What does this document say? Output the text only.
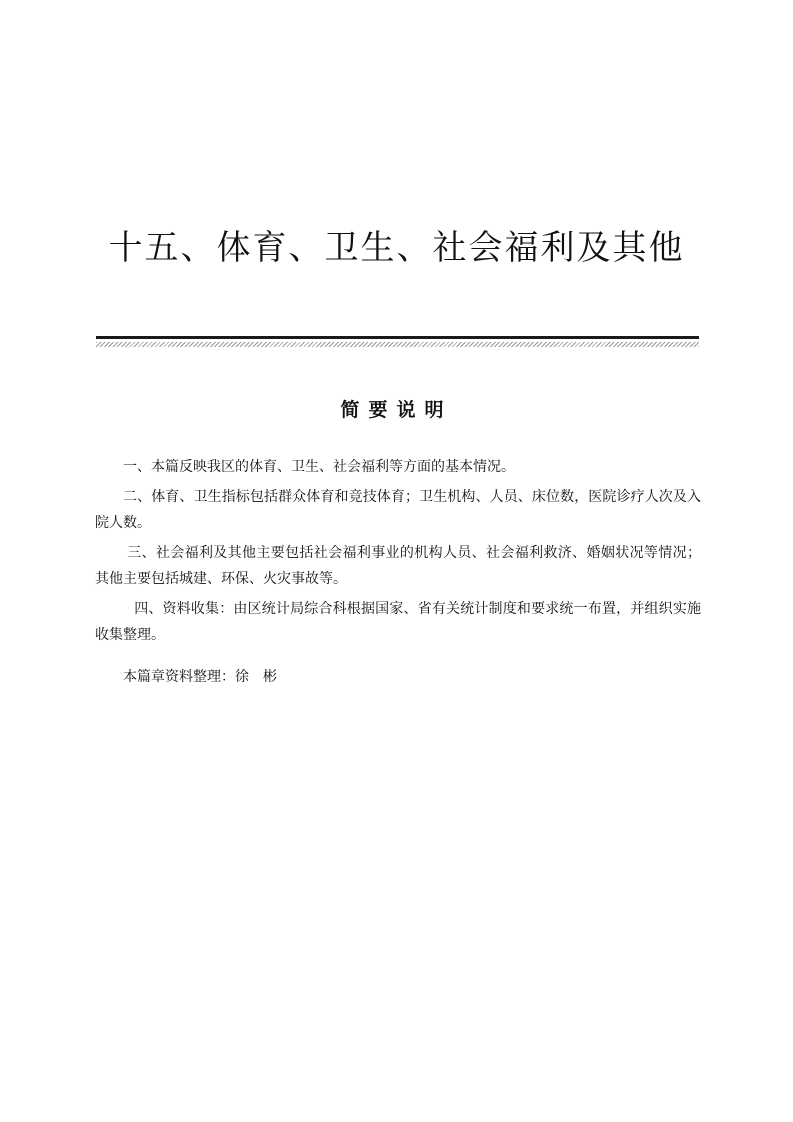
十五、体育、卫生、社会福利及其他
简要说明

一、本篇反映我区的体育、卫生、社会福利等方面的基本情况。

二、体育、卫生指标包括群众体育和竞技体育；卫生机构、人员、床位数，医院诊疗人次及入院人数。

三、社会福利及其他主要包括社会福利事业的机构人员、社会福利救济、婚姻状况等情况；其他主要包括城建、环保、火灾事故等。

四、资料收集：由区统计局综合科根据国家、省有关统计制度和要求统一布置，并组织实施收集整理。

本篇章资料整理：徐　彬
